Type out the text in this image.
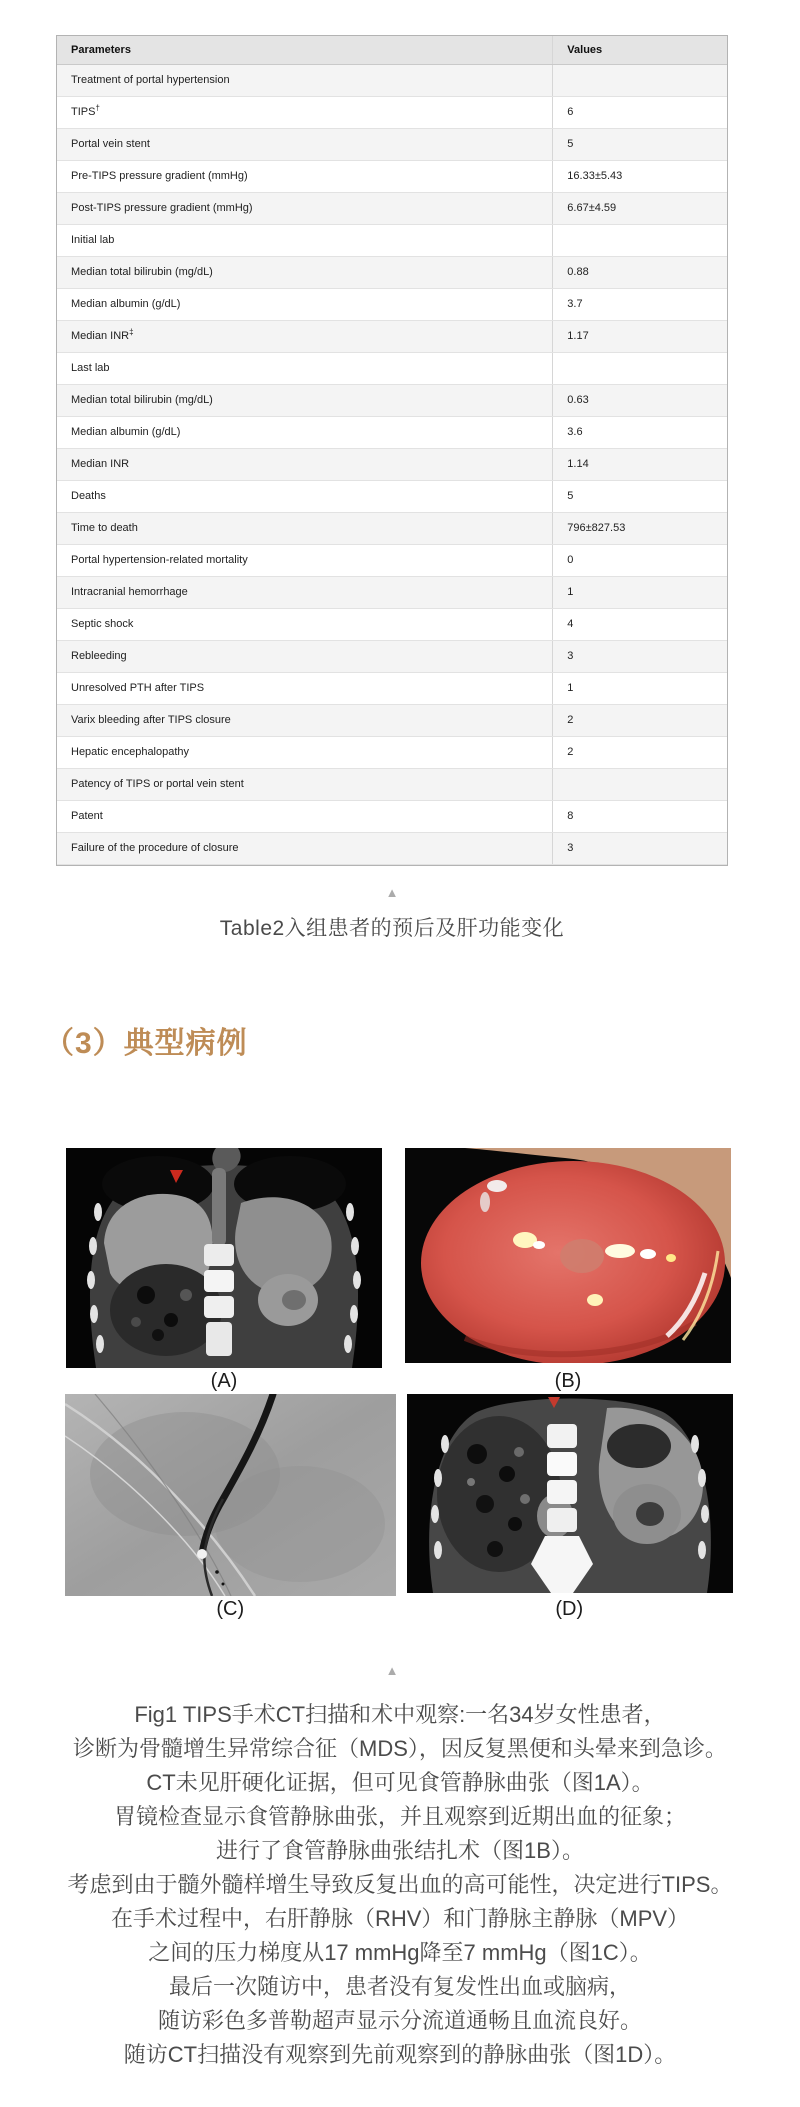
Parameters	Values
Treatment of portal hypertension	
TIPS†	6
Portal vein stent	5
Pre-TIPS pressure gradient (mmHg)	16.33±5.43
Post-TIPS pressure gradient (mmHg)	6.67±4.59
Initial lab	
Median total bilirubin (mg/dL)	0.88
Median albumin (g/dL)	3.7
Median INR‡	1.17
Last lab	
Median total bilirubin (mg/dL)	0.63
Median albumin (g/dL)	3.6
Median INR	1.14
Deaths	5
Time to death	796±827.53
Portal hypertension-related mortality	0
Intracranial hemorrhage	1
Septic shock	4
Rebleeding	3
Unresolved PTH after TIPS	1
Varix bleeding after TIPS closure	2
Hepatic encephalopathy	2
Patency of TIPS or portal vein stent	
Patent	8
Failure of the procedure of closure	3
▲
Table2入组患者的预后及肝功能变化
（3）典型病例
(A)	(B)
(C)	(D)
▲
Fig1 TIPS手术CT扫描和术中观察:一名34岁女性患者，
诊断为骨髓增生异常综合征（MDS），因反复黑便和头晕来到急诊。
CT未见肝硬化证据，但可见食管静脉曲张（图1A）。
胃镜检查显示食管静脉曲张，并且观察到近期出血的征象；
进行了食管静脉曲张结扎术（图1B）。
考虑到由于髓外髓样增生导致反复出血的高可能性，决定进行TIPS。
在手术过程中，右肝静脉（RHV）和门静脉主静脉（MPV）
之间的压力梯度从17 mmHg降至7 mmHg（图1C）。
最后一次随访中，患者没有复发性出血或脑病，
随访彩色多普勒超声显示分流道通畅且血流良好。
随访CT扫描没有观察到先前观察到的静脉曲张（图1D）。
